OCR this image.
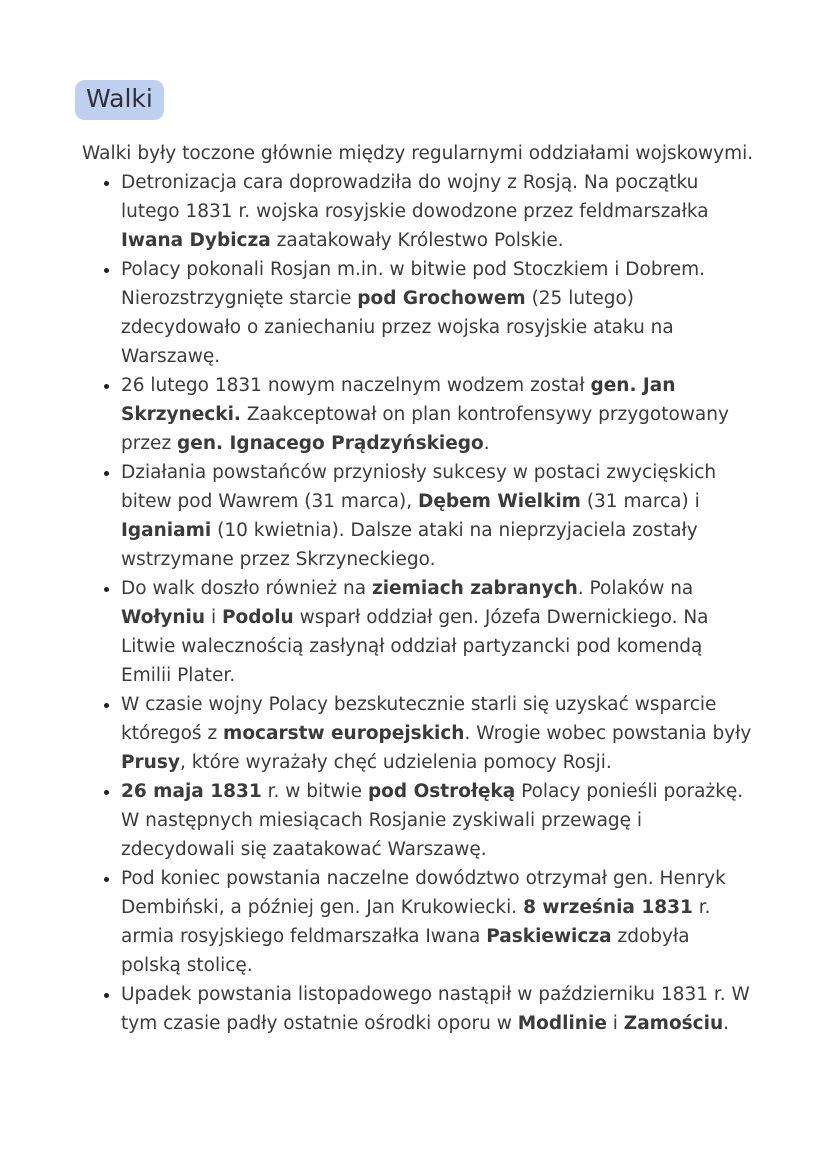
Walki

Walki były toczone głównie między regularnymi oddziałami wojskowymi.

• Detronizacja cara doprowadziła do wojny z Rosją. Na początku lutego 1831 r. wojska rosyjskie dowodzone przez feldmarszałka Iwana Dybicza zaatakowały Królestwo Polskie.
• Polacy pokonali Rosjan m.in. w bitwie pod Stoczkiem i Dobrem. Nierozstrzygnięte starcie pod Grochowem (25 lutego) zdecydowało o zaniechaniu przez wojska rosyjskie ataku na Warszawę.
• 26 lutego 1831 nowym naczelnym wodzem został gen. Jan Skrzynecki. Zaakceptował on plan kontrofensywy przygotowany przez gen. Ignacego Prądzyńskiego.
• Działania powstańców przyniosły sukcesy w postaci zwycięskich bitew pod Wawrem (31 marca), Dębem Wielkim (31 marca) i Iganiami (10 kwietnia). Dalsze ataki na nieprzyjaciela zostały wstrzymane przez Skrzyneckiego.
• Do walk doszło również na ziemiach zabranych. Polaków na Wołyniu i Podolu wsparł oddział gen. Józefa Dwernickiego. Na Litwie walecznością zasłynął oddział partyzancki pod komendą Emilii Plater.
• W czasie wojny Polacy bezskutecznie starli się uzyskać wsparcie któregoś z mocarstw europejskich. Wrogie wobec powstania były Prusy, które wyrażały chęć udzielenia pomocy Rosji.
• 26 maja 1831 r. w bitwie pod Ostrołęką Polacy ponieśli porażkę. W następnych miesiącach Rosjanie zyskiwali przewagę i zdecydowali się zaatakować Warszawę.
• Pod koniec powstania naczelne dowództwo otrzymał gen. Henryk Dembiński, a później gen. Jan Krukowiecki. 8 września 1831 r. armia rosyjskiego feldmarszałka Iwana Paskiewicza zdobyła polską stolicę.
• Upadek powstania listopadowego nastąpił w październiku 1831 r. W tym czasie padły ostatnie ośrodki oporu w Modlinie i Zamościu.
